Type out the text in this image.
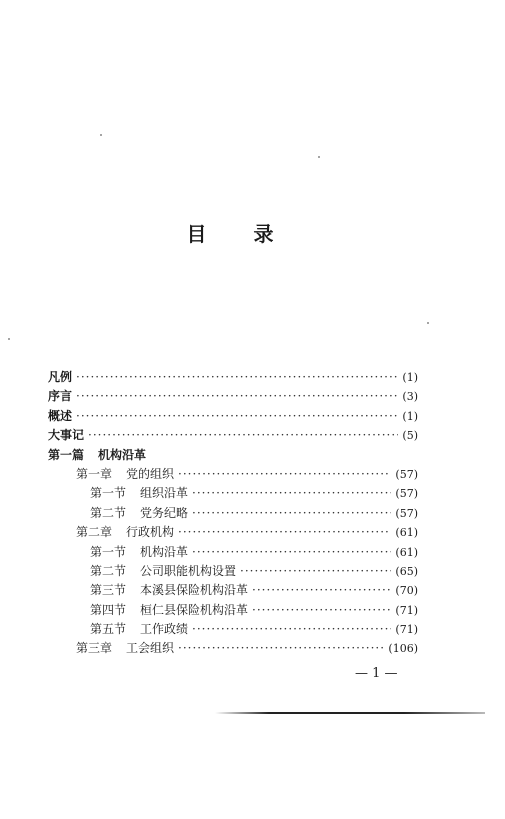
目 录
凡例 ·····	(1)
序言 ·····	(3)
概述 ·····	(1)
大事记 ·····	(5)
第一篇 机构沿革
第一章 党的组织 ·····	(57)
第一节 组织沿革 ·····	(57)
第二节 党务纪略 ·····	(57)
第二章 行政机构 ·····	(61)
第一节 机构沿革 ·····	(61)
第二节 公司职能机构设置 ·····	(65)
第三节 本溪县保险机构沿革 ·····	(70)
第四节 桓仁县保险机构沿革 ·····	(71)
第五节 工作政绩 ·····	(71)
第三章 工会组织 ·····	(106)
— 1 —
